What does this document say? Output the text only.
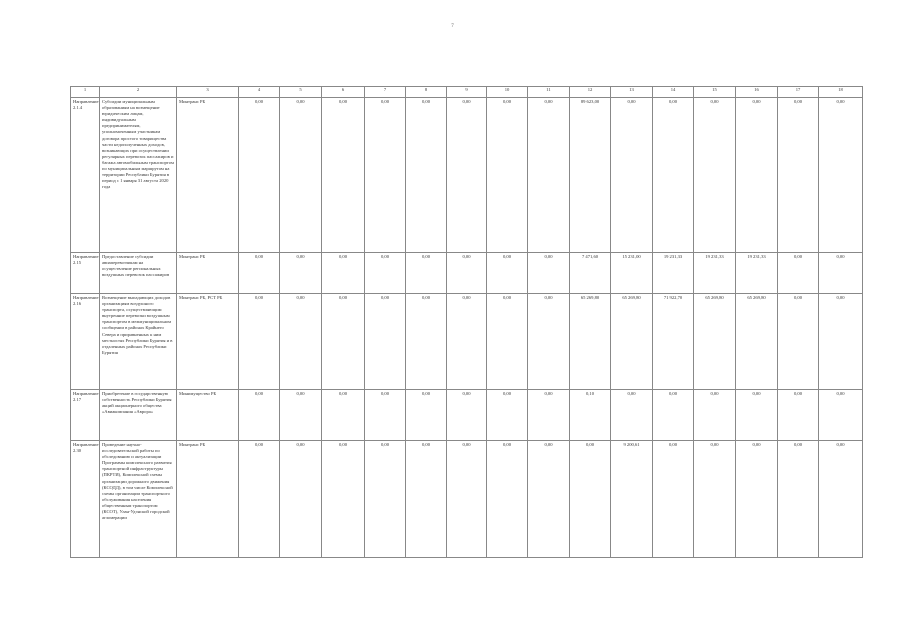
7
1	2	3	4	5	6	7	8	9	10	11	12	13	14	15	16	17	18
Направление 2.1.4	Субсидии муниципальным образованиям на возмещение юридическим лицам, индивидуальным предпринимателям, уполномоченным участникам договора простого товарищества части недополученных доходов, возникающих при осуществлении регулярных перевозок пассажиров и багажа автомобильным транспортом по муниципальным маршрутам на территории Республики Бурятия в период с 1 января 31 августа 2020 года	Минтранс РБ	0,00	0,00	0,00	0,00	0,00	0,00	0,00	0,00	89 623,00	0,00	0,00	0,00	0,00	0,00	0,00
Направление 2.15	Предоставление субсидии авиаперевозчикам на осуществление региональных воздушных перевозок пассажиров	Минтранс РБ	0,00	0,00	0,00	0,00	0,00	0,00	0,00	0,00	7 471,60	15 231,00	19 231,33	19 231,33	19 231,33	0,00	0,00
Направление 2.16	Возмещение выпадающих доходов организациям воздушного транспорта, осуществляющим внутренние перевозки воздушным транспортом в межмуниципальном сообщении в районах Крайнего Севера и приравненных к ним местностях Республики Бурятия и в отдаленных районах Республики Бурятия	Минтранс РБ, РСТ РБ	0,00	0,00	0,00	0,00	0,00	0,00	0,00	0,00	65 269,80	65 269,80	71 922,70	65 269,80	65 269,80	0,00	0,00
Направление 2.17	Приобретение в государственную собственность Республики Бурятия акций акционерного общества «Авиакомпания «Аврора»	Минимущество РБ	0,00	0,00	0,00	0,00	0,00	0,00	0,00	0,00	0,10	0,00	0,00	0,00	0,00	0,00	0,00
Направление 2.30	Проведение научно-исследовательской работы по обследованию и актуализации Программы комплексного развития транспортной инфраструктуры (ПКРТИ), Комплексной схемы организации дорожного движения (КСОДД), в том числе Комплексной схемы организации транспортного обслуживания населения общественным транспортом (КСОТ), Улан-Удэнской городской агломерации	Минтранс РБ	0,00	0,00	0,00	0,00	0,00	0,00	0,00	0,00	0,00	9 200,61	0,00	0,00	0,00	0,00	0,00
